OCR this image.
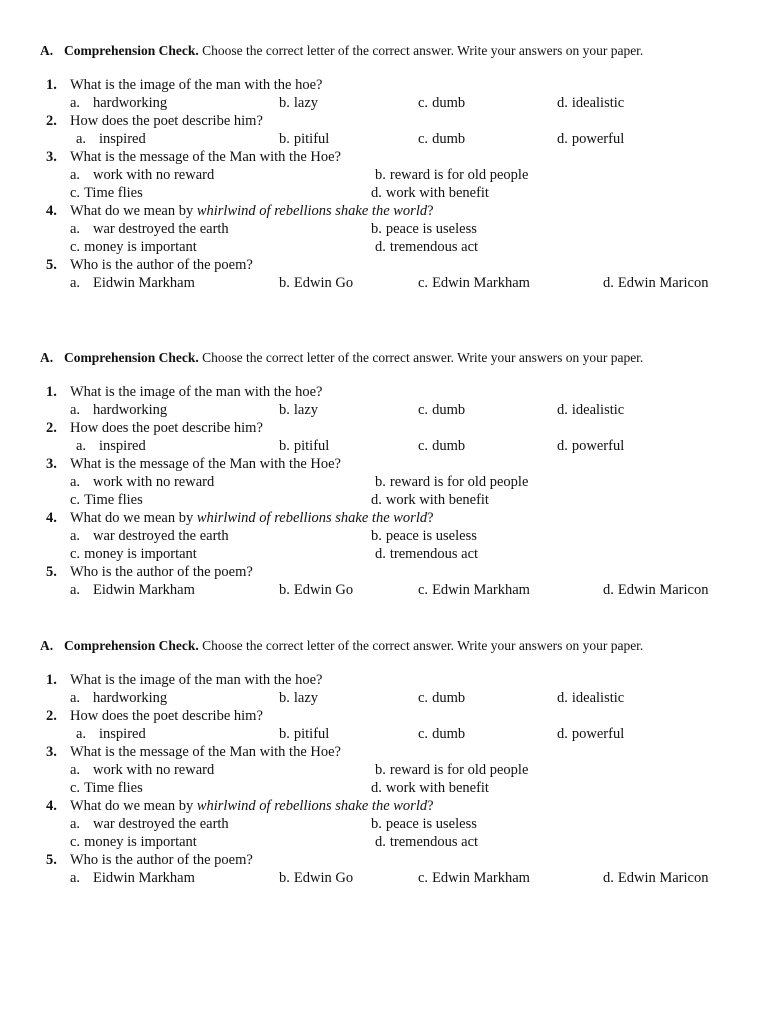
A. Comprehension Check. Choose the correct letter of the correct answer. Write your answers on your paper.
1. What is the image of the man with the hoe?
a. hardworking	b. lazy	c. dumb	d. idealistic
2. How does the poet describe him?
a. inspired	b. pitiful	c. dumb	d. powerful
3. What is the message of the Man with the Hoe?
a. work with no reward	b. reward is for old people
c. Time flies	d. work with benefit
4. What do we mean by whirlwind of rebellions shake the world?
a. war destroyed the earth	b. peace is useless
c. money is important	d. tremendous act
5. Who is the author of the poem?
a. Eidwin Markham	b. Edwin Go	c. Edwin Markham	d. Edwin Maricon
A. Comprehension Check. Choose the correct letter of the correct answer. Write your answers on your paper.
1. What is the image of the man with the hoe?
a. hardworking	b. lazy	c. dumb	d. idealistic
2. How does the poet describe him?
a. inspired	b. pitiful	c. dumb	d. powerful
3. What is the message of the Man with the Hoe?
a. work with no reward	b. reward is for old people
c. Time flies	d. work with benefit
4. What do we mean by whirlwind of rebellions shake the world?
a. war destroyed the earth	b. peace is useless
c. money is important	d. tremendous act
5. Who is the author of the poem?
a. Eidwin Markham	b. Edwin Go	c. Edwin Markham	d. Edwin Maricon
A. Comprehension Check. Choose the correct letter of the correct answer. Write your answers on your paper.
1. What is the image of the man with the hoe?
a. hardworking	b. lazy	c. dumb	d. idealistic
2. How does the poet describe him?
a. inspired	b. pitiful	c. dumb	d. powerful
3. What is the message of the Man with the Hoe?
a. work with no reward	b. reward is for old people
c. Time flies	d. work with benefit
4. What do we mean by whirlwind of rebellions shake the world?
a. war destroyed the earth	b. peace is useless
c. money is important	d. tremendous act
5. Who is the author of the poem?
a. Eidwin Markham	b. Edwin Go	c. Edwin Markham	d. Edwin Maricon
